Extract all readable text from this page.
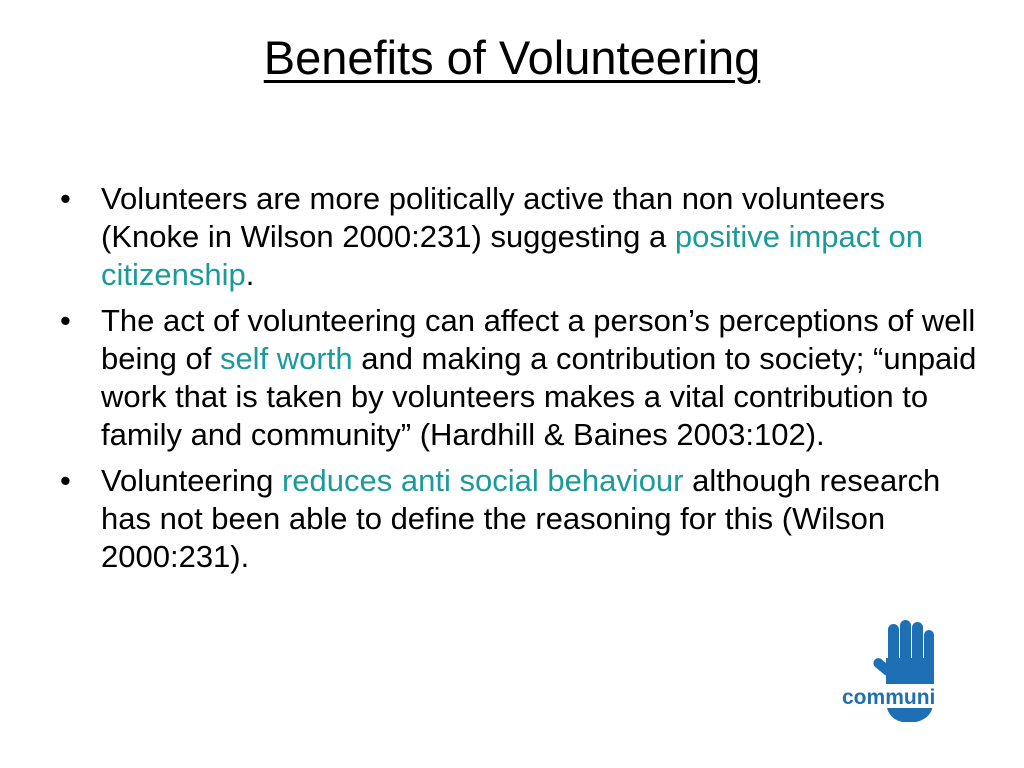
Benefits of Volunteering
• Volunteers are more politically active than non volunteers (Knoke in Wilson 2000:231) suggesting a positive impact on citizenship.
• The act of volunteering can affect a person’s perceptions of well being of self worth and making a contribution to society; “unpaid work that is taken by volunteers makes a vital contribution to family and community” (Hardhill & Baines 2003:102).
• Volunteering reduces anti social behaviour although research has not been able to define the reasoning for this (Wilson 2000:231).
communi
